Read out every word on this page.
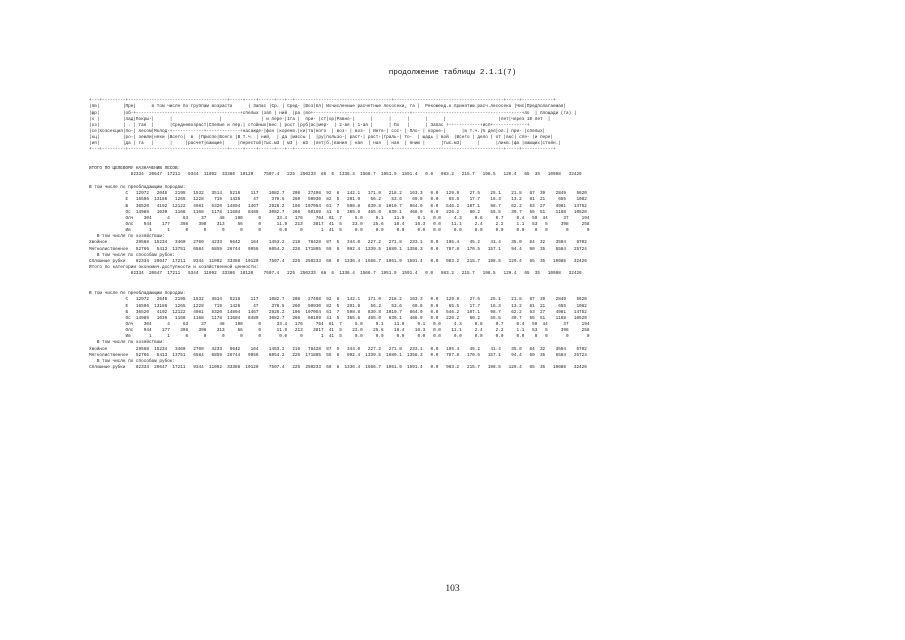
продолжение таблицы 2.1.1(7)

+---+---------+--------------------------------------+-----+----+------+---+--+-------------------------------------+------------------------------------------+-----+------------+
|Хв|         |Пре|      в том числе по группам возраста      | Запас |Ср. | Сред- |Воз|Кл| Исчисленные расчетные лесосеки, га |  Рекоменд.к принятию расч.лесосека |Чис|Предполагаемая|
|фр|         |об-+----------------------------------------+спелых |зап | ний  |ра |во+-------------------------------------+------------------------------------------+ло  | площади (га) |
|х |         |лад|Покры-|      |                  |               | и пере-|1га |  при- |ст|ор|Равно-|      |      |      |      |      |                    |лет|через 10 лет  |
|оз|         | . | тая  |      |Средневозраст|Спелые и пер.| стойных|вес | рост |руб|ас|мер-  | 2-ая | 1-ая |      | По   |      | Запас +------------+исп+-------------+
|се|Хозсекция|по-| лесом|Молод-+------------+-------------+насажде-|фон |кореев.|ки|та|ного  | воз- | воз- | Инте-| сос- | Пло- | корне-|      |в т.ч.|% дел|ол.| при- |спелых|
|кц|         |ро-| земли|няки |Всего|  в  |Приспе|Всего |В т.ч. | ний,  | да |массы |  |ру|пользо-| раст-| раст-|граль-| то-  | щадь | вой  |Всего | дело | от |вкс| спе- |и пере|
|ия|         |да | га   |      |     |расчет|вающие|     |перестой|тыс.м3 | м3 |  м3  |лет|б.|вания | ная  | ная  | ная  | янию |      |тыс.м3|      |      |ликв.|фа |вающих|стойн.|
+---+---------+--------------------------------------+-----+----+------+---+--+-------------------------------------+------------------------------------------+-----+------------+

ИТОГО ПО ЦЕЛЕВОМУ НАЗНАЧЕНИЮ ЛЕСОВ:
82334  20647  17211   9344  11092  33386  10120    7507.4   225  250233  66  6  1336.4  1566.7  1951.9  1591.4   0.0   983.2   215.7   198.5   129.4   65  35   10088   32426
В том числе по преобладающим породам:
С   12972   2048   2195   1532   3514   5216    117    1082.7   208   27498  92  6   142.1   171.0   218.2   163.3   0.0   129.9    27.5    25.1    21.8   87  39    2849    5620
Е   16596  13186   1265   1228    719   1426     47     370.5   260   50930  82  5   201.9    56.2    53.6    69.8   0.0    65.5    17.7    16.3    13.2   81  21     655    1082
Б   36520   4192  12122   4981   5320  14894   1467    2926.2   196  107054  61  7   598.8   839.8  1010.7   864.0   0.0   546.2   107.1    98.7    62.2   63  27    4981   14752
Ос  14989   1039   1168   1168   1178  11604   8489    3082.7   266   60169  41  5   365.6   465.0   639.1   468.9   0.0   226.2    60.2    55.5    30.7   55  51    1168   10520
Олч    304      4     63     37     48    190      0      33.4   176     764  61  7     5.0     9.1    11.9     9.1   0.0     4.3     0.8     0.7     0.4   59  44      37     194
Олс    944    177    398    398    313     56      0      11.9   213    3817  41  5    23.0    25.6    18.4    16.3   0.0    11.1     2.4     2.2     1.1   53   5     398     258
Ив       1      1      0      0      0      0      0       0.0     0       1  41  5     0.0     0.0     0.0     0.0   0.0     0.0     0.0     0.0     0.0    0   0       0       0
В том числе по хозяйствам:
Хвойное           29568  15234   3460   2760   4233   6642    164    1453.2   219   78428  87  5   344.0   227.2   271.8   233.1   0.0   195.4    45.2    41.4    35.0   84  32    3504    6702
Мягколиственное   52766   5413  13751   6584   6859  26744   9956    6054.2   226  171805  55  6   992.4  1339.5  1680.1  1358.3   0.0   787.8   170.5   157.1    94.4   60  35    6584   25724
В том числе по способам рубок:
Сплошные рубки    82334  20647  17211   9344  11092  33386  10120    7507.4   225  250233  66  6  1336.4  1566.7  1951.9  1591.4   0.0   983.2   215.7   198.5   129.4   65  35   10088   32426
Итого по категории экономич.доступности и хозяйственной ценности:
82334  20647  17211   9344  11092  33386  10120    7507.4   225  250233  66  6  1336.4  1566.7  1951.9  1591.4   0.0   983.2   215.7   198.5   129.4   65  35   10088   32426
В том числе по преобладающим породам:
С   12972   2048   2195   1532   3514   5216    117    1082.7   208   27498  92  6   142.1   171.0   218.2   163.3   0.0   129.9    27.5    25.1    21.8   87  39    2849    5620
Е   16596  13186   1265   1228    719   1426     47     370.5   260   50930  82  5   201.9    56.2    53.6    69.8   0.0    65.5    17.7    16.3    13.2   81  21     655    1082
Б   36520   4192  12122   4981   5320  14894   1467    2926.2   196  107054  61  7   598.8   839.8  1010.7   864.0   0.0   546.2   107.1    98.7    62.2   63  27    4981   14752
Ос  14989   1039   1168   1168   1178  11604   8489    3082.7   266   60169  41  5   365.6   465.0   639.1   468.9   0.0   226.2    60.2    55.5    30.7   55  51    1168   10520
Олч    304      4     63     37     48    190      0      33.4   176     764  61  7     5.0     9.1    11.9     9.1   0.0     4.3     0.8     0.7     0.4   59  44      37     194
Олс    944    177    398    398    313     56      0      11.9   213    3817  41  5    23.0    25.6    18.4    16.3   0.0    11.1     2.4     2.2     1.1   53   5     398     258
Ив       1      1      0      0      0      0      0       0.0     0       1  41  5     0.0     0.0     0.0     0.0   0.0     0.0     0.0     0.0     0.0    0   0       0       0
В том числе по хозяйствам:
Хвойное           29568  15234   3460   2760   4233   6642    164    1453.2   219   78428  87  5   344.0   227.2   271.8   233.1   0.0   195.4    45.2    41.4    35.0   84  32    3504    6702
Мягколиственное   52766   5413  13751   6584   6859  26744   9956    6054.2   226  171805  55  6   992.4  1339.5  1680.1  1358.3   0.0   787.8   170.5   157.1    94.4   60  35    6584   25724
В том числе по способам рубок:
Сплошные рубки    82334  20647  17211   9344  11092  33386  10120    7507.4   225  250233  66  6  1336.4  1566.7  1951.9  1591.4   0.0   983.2   215.7   198.5   129.4   65  35   10088   32426

103
